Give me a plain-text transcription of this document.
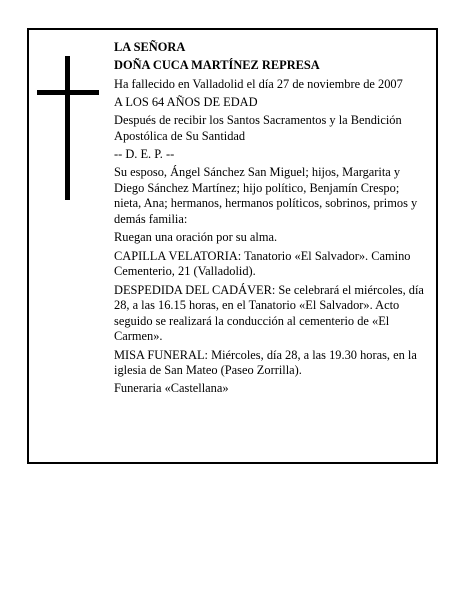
LA SEÑORA

DOÑA CUCA MARTÍNEZ REPRESA

Ha fallecido en Valladolid el día 27 de noviembre de 2007

A LOS 64 AÑOS DE EDAD

Después de recibir los Santos Sacramentos y la Bendición Apostólica de Su Santidad

-- D. E. P. --

Su esposo, Ángel Sánchez San Miguel; hijos, Margarita y Diego Sánchez Martínez; hijo político, Benjamín Crespo; nieta, Ana; hermanos, hermanos políticos, sobrinos, primos y demás familia:

Ruegan una oración por su alma.

CAPILLA VELATORIA: Tanatorio «El Salvador». Camino Cementerio, 21 (Valladolid).

DESPEDIDA DEL CADÁVER: Se celebrará el miércoles, día 28, a las 16.15 horas, en el Tanatorio «El Salvador». Acto seguido se realizará la conducción al cementerio de «El Carmen».

MISA FUNERAL: Miércoles, día 28, a las 19.30 horas, en la iglesia de San Mateo (Paseo Zorrilla).

Funeraria «Castellana»
